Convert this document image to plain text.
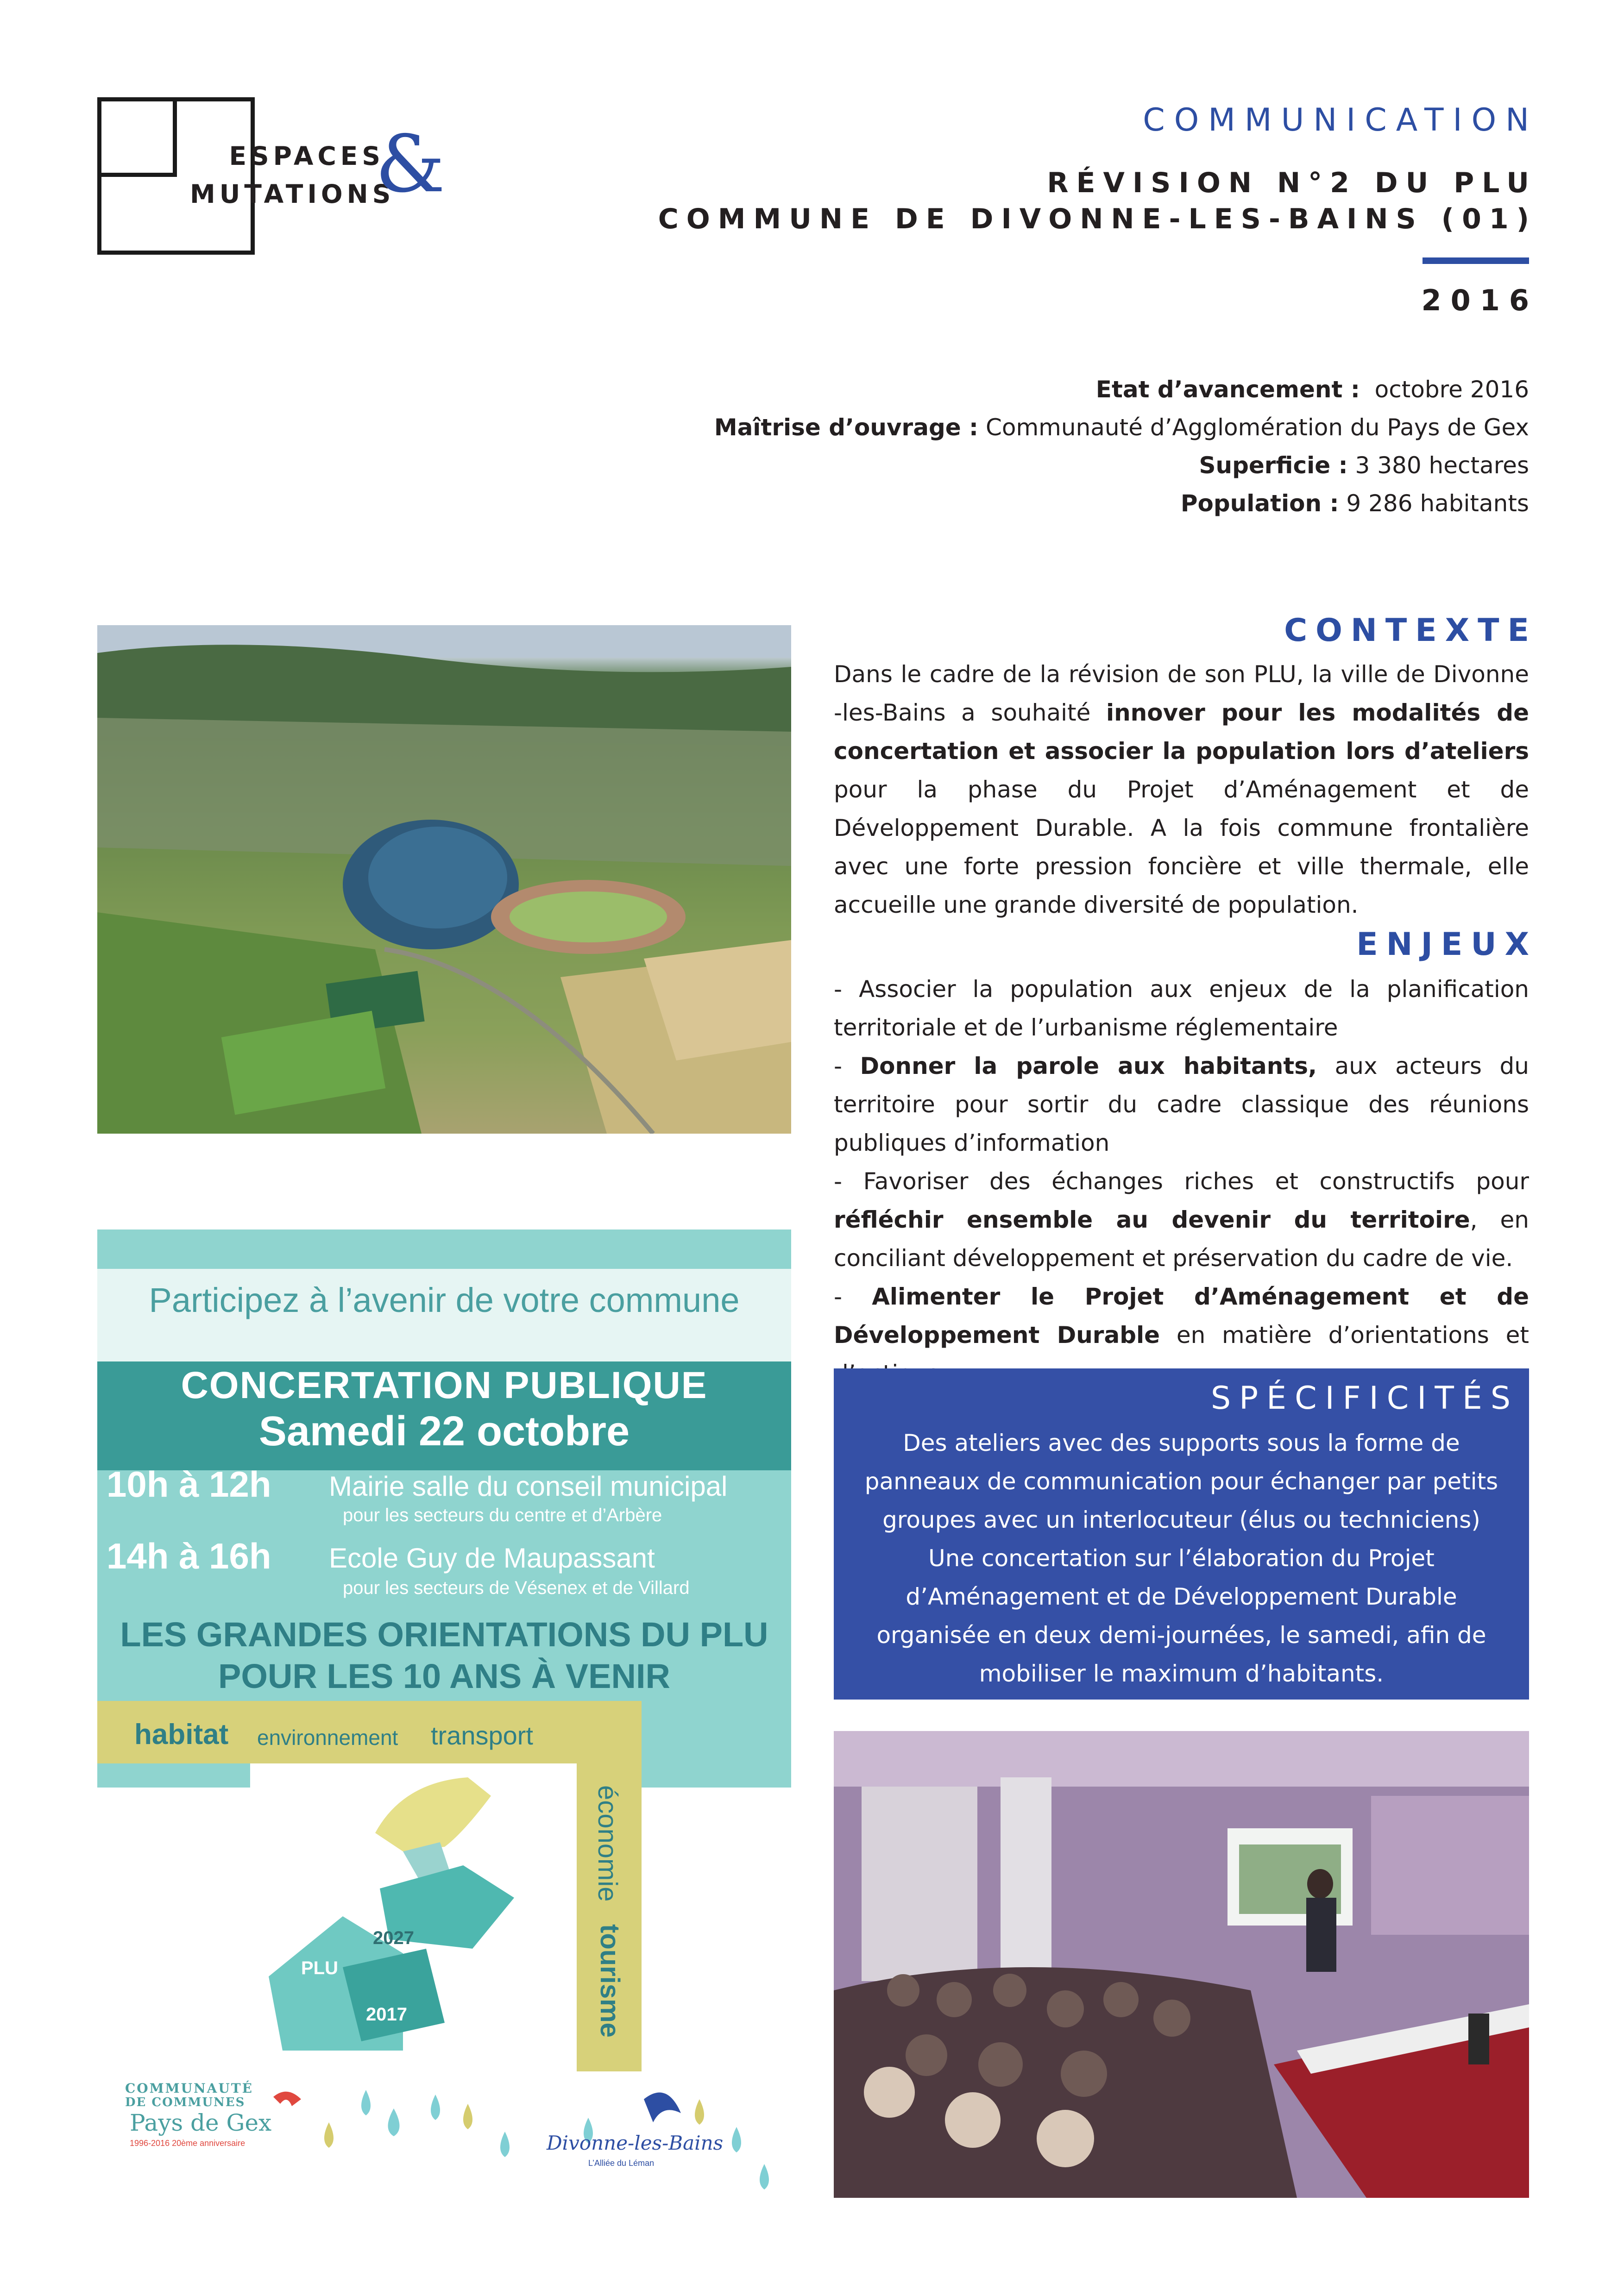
ESPACES
MUTATIONS
&	COMMUNICATION
RÉVISION N°2 DU PLU
COMMUNE DE DIVONNE-LES-BAINS (01)
2016
Etat d’avancement : octobre 2016
Maîtrise d’ouvrage : Communauté d’Agglomération du Pays de Gex
Superficie : 3 380 hectares
Population : 9 286 habitants
CONTEXTE
Dans le cadre de la révision de son PLU, la ville de Divonne -les-Bains a souhaité innover pour les modalités de concertation et associer la population lors d’ateliers pour la phase du Projet d’Aménagement et de Développement Durable. A la fois commune frontalière avec une forte pression foncière et ville thermale, elle accueille une grande diversité de population.
ENJEUX
- Associer la population aux enjeux de la planification territoriale et de l’urbanisme réglementaire
- Donner la parole aux habitants, aux acteurs du territoire pour sortir du cadre classique des réunions publiques d’information
- Favoriser des échanges riches et constructifs pour réfléchir ensemble au devenir du territoire, en conciliant développement et préservation du cadre de vie.
- Alimenter le Projet d’Aménagement et de Développement Durable en matière d’orientations et
SPÉCIFICITÉS
Des ateliers avec des supports sous la forme de panneaux de communication pour échanger par petits groupes avec un interlocuteur (élus ou techniciens)
Une concertation sur l’élaboration du Projet d’Aménagement et de Développement Durable organisée en deux demi-journées, le samedi, afin de mobiliser le maximum d’habitants.
Participez à l’avenir de votre commune
CONCERTATION PUBLIQUE
Samedi 22 octobre
10h à 12h Mairie salle du conseil municipal
pour les secteurs du centre et d’Arbère
14h à 16h Ecole Guy de Maupassant
pour les secteurs de Vésenex et de Villard
LES GRANDES ORIENTATIONS DU PLU
POUR LES 10 ANS À VENIR
habitat environnement transport
économie
tourisme
2027
PLU
2017
COMMUNAUTÉ
DE COMMUNES
Pays de Gex
1996-2016 20ème anniversaire	Divonne-les-Bains
L’Alliée du Léman
